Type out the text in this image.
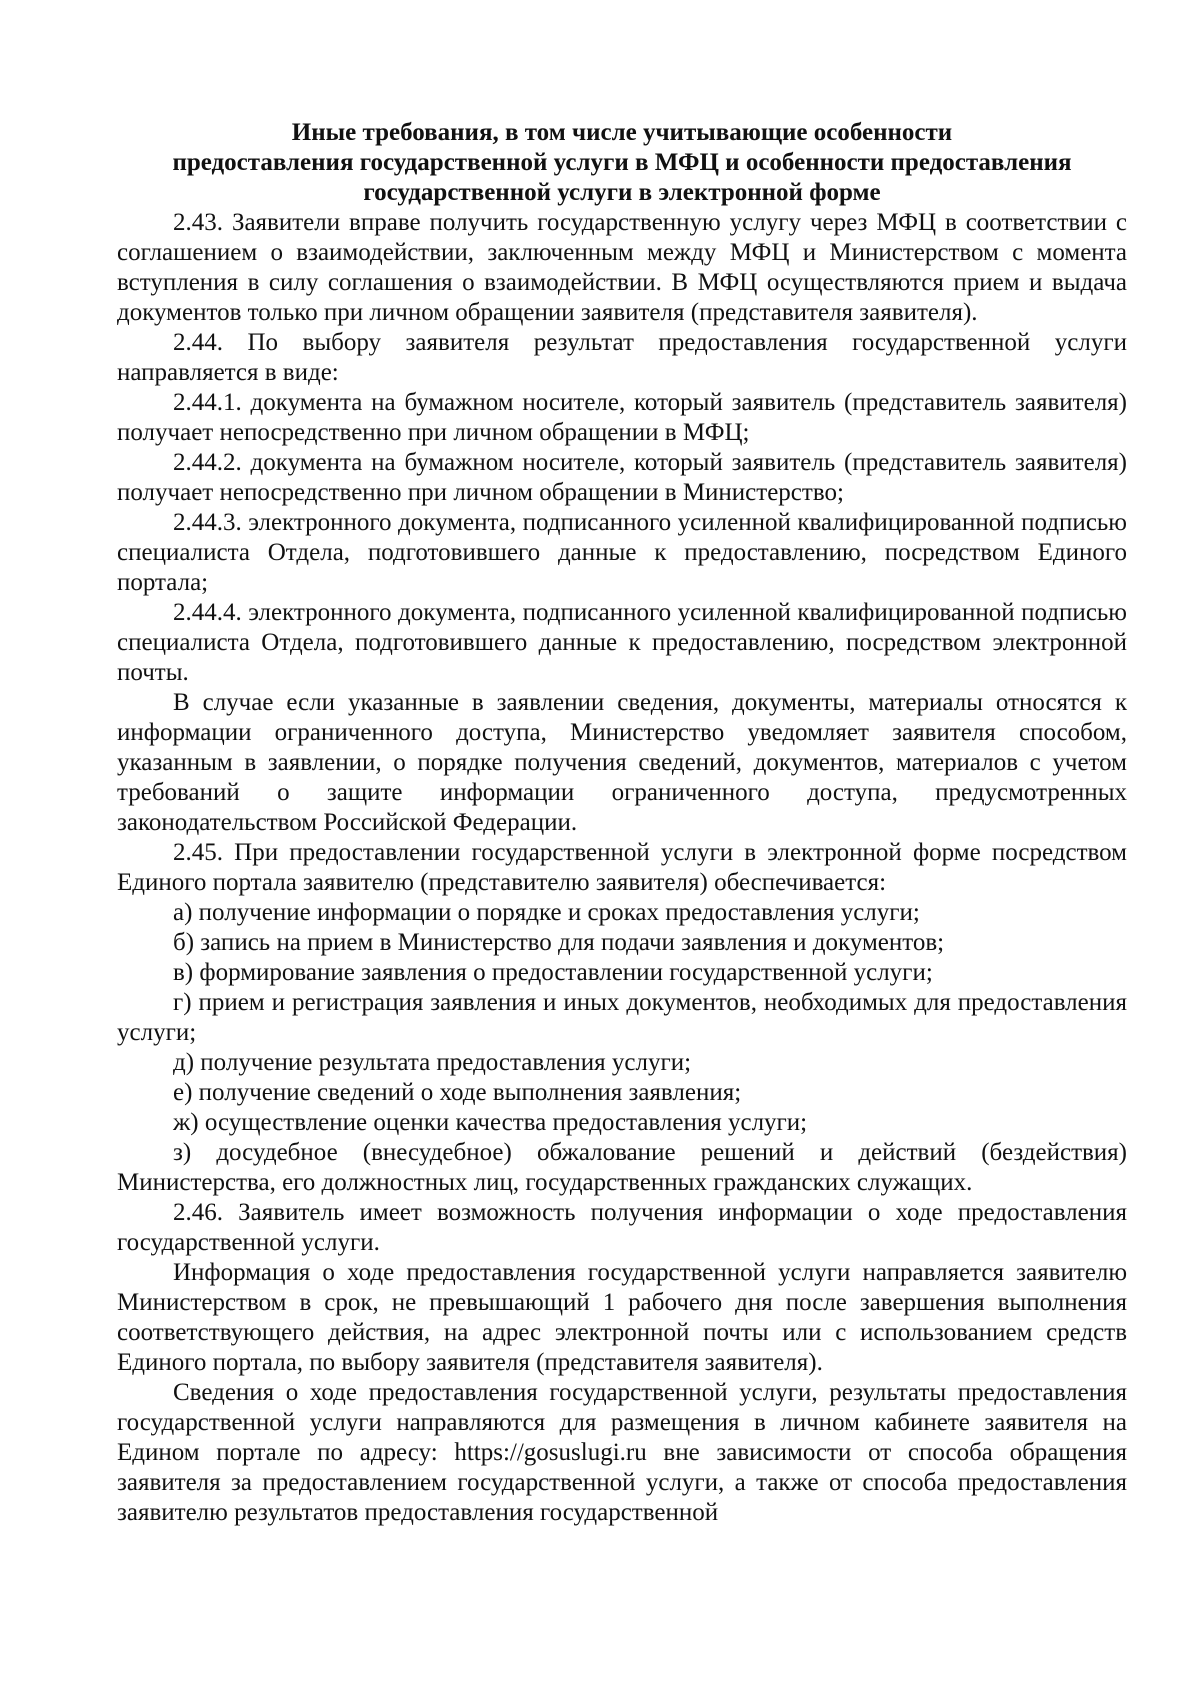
Иные требования, в том числе учитывающие особенности
предоставления государственной услуги в МФЦ и особенности предоставления
государственной услуги в электронной форме

2.43. Заявители вправе получить государственную услугу через МФЦ в соответствии с соглашением о взаимодействии, заключенным между МФЦ и Министерством с момента вступления в силу соглашения о взаимодействии. В МФЦ осуществляются прием и выдача документов только при личном обращении заявителя (представителя заявителя).

2.44. По выбору заявителя результат предоставления государственной услуги направляется в виде:

2.44.1. документа на бумажном носителе, который заявитель (представитель заявителя) получает непосредственно при личном обращении в МФЦ;

2.44.2. документа на бумажном носителе, который заявитель (представитель заявителя) получает непосредственно при личном обращении в Министерство;

2.44.3. электронного документа, подписанного усиленной квалифицированной подписью специалиста Отдела, подготовившего данные к предоставлению, посредством Единого портала;

2.44.4. электронного документа, подписанного усиленной квалифицированной подписью специалиста Отдела, подготовившего данные к предоставлению, посредством электронной почты.

В случае если указанные в заявлении сведения, документы, материалы относятся к информации ограниченного доступа, Министерство уведомляет заявителя способом, указанным в заявлении, о порядке получения сведений, документов, материалов с учетом требований о защите информации ограниченного доступа, предусмотренных законодательством Российской Федерации.

2.45. При предоставлении государственной услуги в электронной форме посредством Единого портала заявителю (представителю заявителя) обеспечивается:

а) получение информации о порядке и сроках предоставления услуги;

б) запись на прием в Министерство для подачи заявления и документов;

в) формирование заявления о предоставлении государственной услуги;

г) прием и регистрация заявления и иных документов, необходимых для предоставления услуги;

д) получение результата предоставления услуги;

е) получение сведений о ходе выполнения заявления;

ж) осуществление оценки качества предоставления услуги;

з) досудебное (внесудебное) обжалование решений и действий (бездействия) Министерства, его должностных лиц, государственных гражданских служащих.

2.46. Заявитель имеет возможность получения информации о ходе предоставления государственной услуги.

Информация о ходе предоставления государственной услуги направляется заявителю Министерством в срок, не превышающий 1 рабочего дня после завершения выполнения соответствующего действия, на адрес электронной почты или с использованием средств Единого портала, по выбору заявителя (представителя заявителя).

Сведения о ходе предоставления государственной услуги, результаты предоставления государственной услуги направляются для размещения в личном кабинете заявителя на Едином портале по адресу: https://gosuslugi.ru вне зависимости от способа обращения заявителя за предоставлением государственной услуги, а также от способа предоставления заявителю результатов предоставления государственной
